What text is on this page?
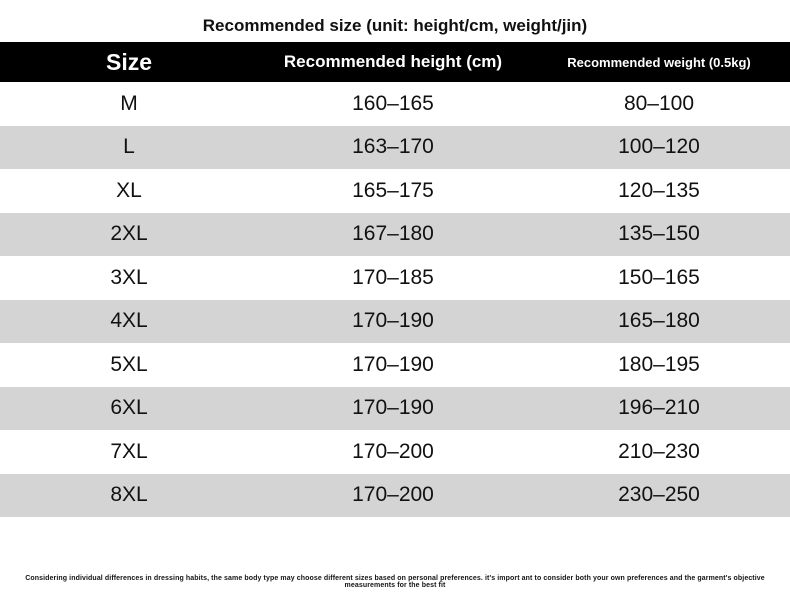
Recommended size (unit: height/cm, weight/jin)
Size	Recommended height (cm)	Recommended weight (0.5kg)
M	160–165	80–100
L	163–170	100–120
XL	165–175	120–135
2XL	167–180	135–150
3XL	170–185	150–165
4XL	170–190	165–180
5XL	170–190	180–195
6XL	170–190	196–210
7XL	170–200	210–230
8XL	170–200	230–250
Considering individual differences in dressing habits, the same body type may choose different sizes based on personal preferences. it's import ant to consider both your own preferences and the garment's objective measurements for the best fit
